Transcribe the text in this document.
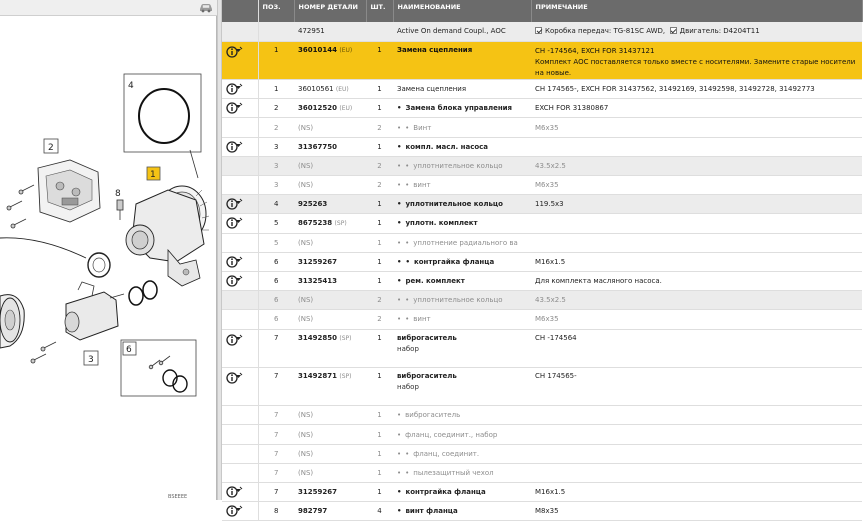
4
2
8
1
3
6
BSEEEE
	ПОЗ.	НОМЕР ДЕТАЛИ	ШТ.	НАИМЕНОВАНИЕ	ПРИМЕЧАНИЕ
		472951		Active On demand Coupl., AOC	Коробка передач: TG-81SC AWD, Двигатель: D4204T11
	1	36010144 (EU)	1	Замена сцепления	CH -174564, EXCH FOR 31437121
Комплект AOC поставляется только вместе с носителями. Замените старые носители на новые.
	1	36010561 (EU)	1	Замена сцепления	CH 174565-, EXCH FOR 31437562, 31492169, 31492598, 31492728, 31492773
	2	36012520 (EU)	1	• Замена блока управления	EXCH FOR 31380867
	2	(NS)	2	• • Винт	M6x35
	3	31367750	1	• компл. масл. насоса	
	3	(NS)	2	• • уплотнительное кольцо	43.5x2.5
	3	(NS)	2	• • винт	M6x35
	4	925263	1	• уплотнительное кольцо	119.5x3
	5	8675238 (SP)	1	• уплотн. комплект	
	5	(NS)	1	• • уплотнение радиального ва	
	6	31259267	1	• • контргайка фланца	M16x1.5
	6	31325413	1	• рем. комплект	Для комплекта масляного насоса.
	6	(NS)	2	• • уплотнительное кольцо	43.5x2.5
	6	(NS)	2	• • винт	M6x35
	7	31492850 (SP)	1	виброгаситель
набор	CH -174564
	7	31492871 (SP)	1	виброгаситель
набор	CH 174565-
	7	(NS)	1	• виброгаситель	
	7	(NS)	1	• фланц, соединит., набор	
	7	(NS)	1	• • фланц, соединит.	
	7	(NS)	1	• • пылезащитный чехол	
	7	31259267	1	• контргайка фланца	M16x1.5
	8	982797	4	• винт фланца	M8x35
